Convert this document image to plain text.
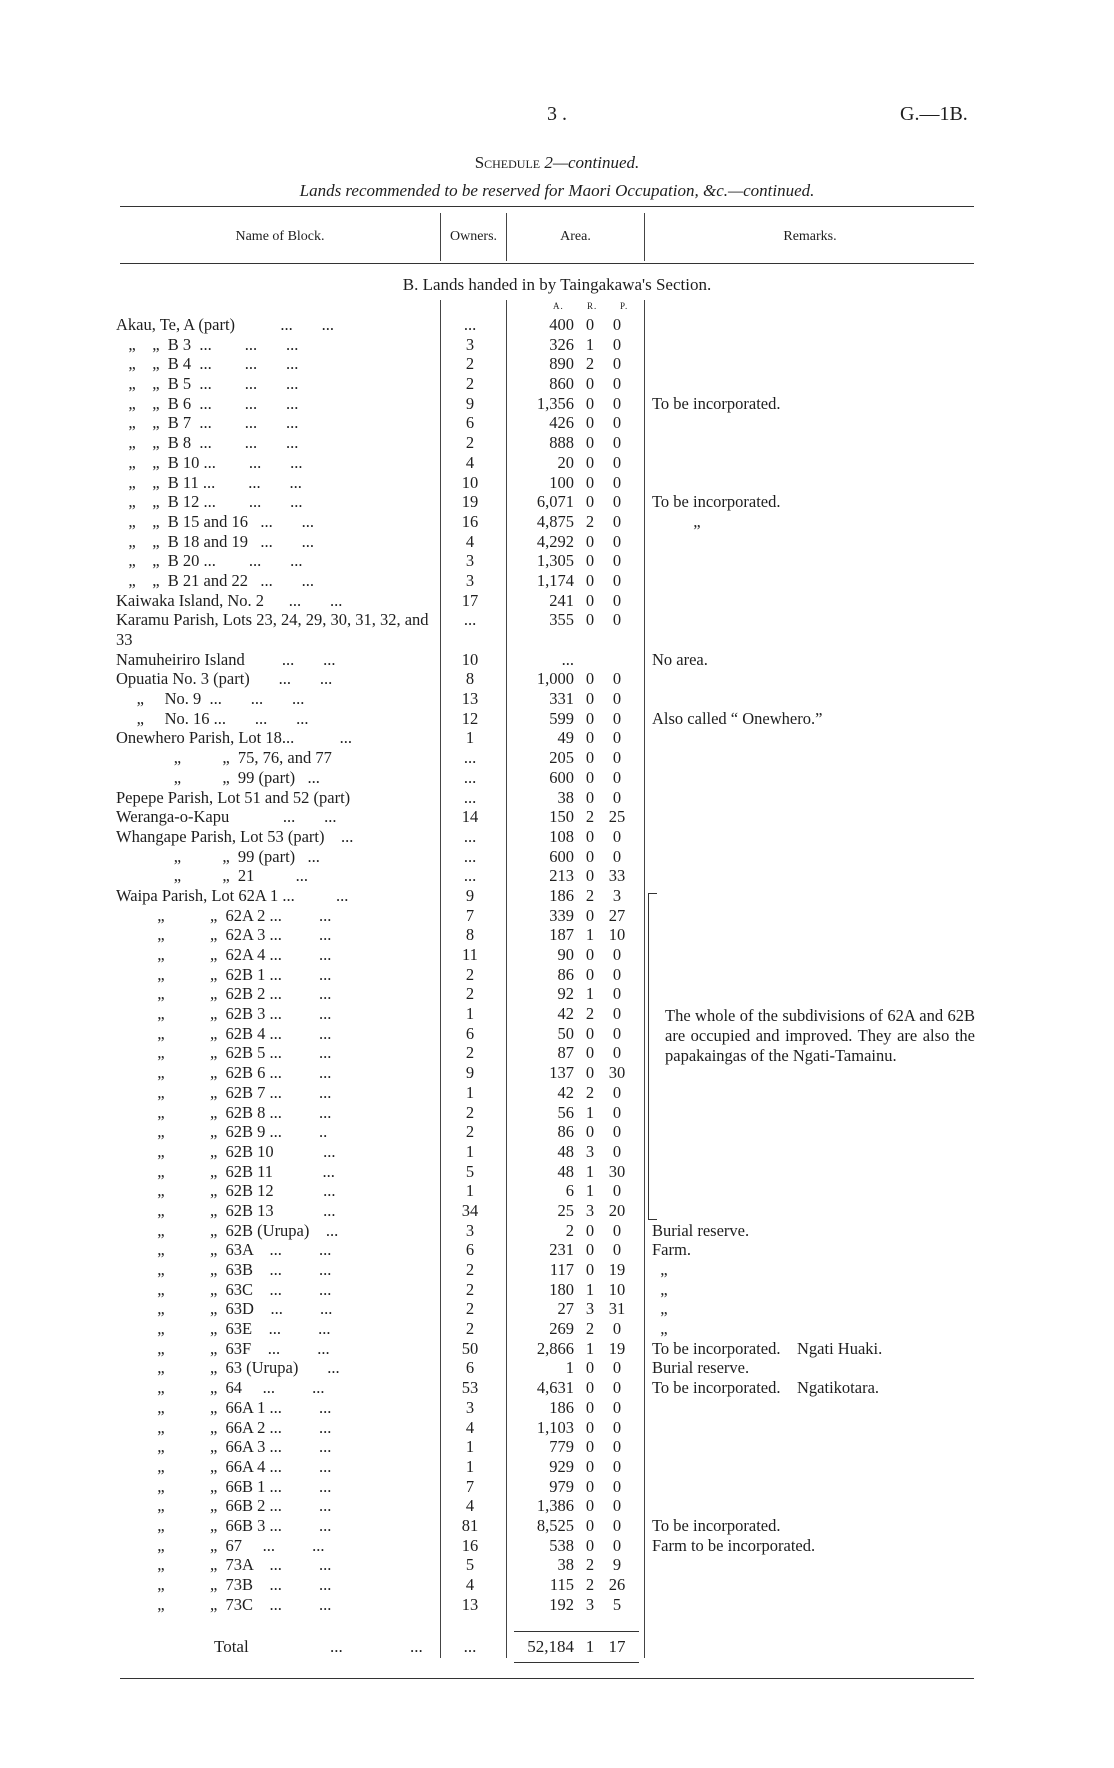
3 .	G.—1B.
Schedule 2—continued.
Lands recommended to be reserved for Maori Occupation, &c.—continued.
Name of Block.	Owners.	Area.	Remarks.
B. Lands handed in by Taingakawa's Section.
A.	R.	P.
Akau, Te, A (part)           ...       ...	...	400 0	0
„    „  B 3  ...        ...       ...	3	326 1	0
„    „  B 4  ...        ...       ...	2	890 2	0
„    „  B 5  ...        ...       ...	2	860 0	0
„    „  B 6  ...        ...       ...	9	1,356 0	0	To be incorporated.
„    „  B 7  ...        ...       ...	6	426 0	0
„    „  B 8  ...        ...       ...	2	888 0	0
„    „  B 10 ...        ...       ...	4	20 0	0
„    „  B 11 ...        ...       ...	10	100 0	0
„    „  B 12 ...        ...       ...	19	6,071 0	0	To be incorporated.
„    „  B 15 and 16   ...       ...	16	4,875 2	0	„
„    „  B 18 and 19   ...       ...	4	4,292 0	0
„    „  B 20 ...        ...       ...	3	1,305 0	0
„    „  B 21 and 22   ...       ...	3	1,174 0	0
Kaiwaka Island, No. 2      ...       ...	17	241 0	0
Karamu Parish, Lots 23, 24, 29, 30, 31, 32, and 33
...	355 0	0
Namuheiriro Island         ...       ...	10	...	No area.
Opuatia No. 3 (part)       ...       ...	8	1,000 0	0
„     No. 9  ...       ...       ...	13	331 0	0
„     No. 16 ...       ...       ...	12	599 0	0	Also called “ Onewhero.”
Onewhero Parish, Lot 18...           ...	1	49 0	0
„          „  75, 76, and 77	...	205 0	0
„          „  99 (part)   ...	...	600 0	0
Pepepe Parish, Lot 51 and 52 (part)	...	38 0	0
Weranga-o-Kapu             ...       ...	14	150 2 25
Whangape Parish, Lot 53 (part)    ...	...	108 0	0
„          „  99 (part)   ...	...	600 0	0
„          „  21          ...	...	213 0 33
Waipa Parish, Lot 62A 1 ...          ...	9	186 2	3
„           „  62A 2 ...         ...	7	339 0 27
„           „  62A 3 ...         ...	8	187 1 10
„           „  62A 4 ...         ...	11	90 0	0
„           „  62B 1 ...         ...	2	86 0	0
„           „  62B 2 ...         ...	2	92 1	0
„           „  62B 3 ...         ...	1	42 2	0
„           „  62B 4 ...         ...	6	50 0	0
„           „  62B 5 ...         ...	2	87 0	0
„           „  62B 6 ...         ...	9	137 0 30
„           „  62B 7 ...         ...	1	42 2	0
„           „  62B 8 ...         ...	2	56 1	0
„           „  62B 9 ...         ..	2	86 0	0
„           „  62B 10            ...	1	48 3	0
„           „  62B 11            ...	5	48 1 30
„           „  62B 12            ...	1	6 1	0
„           „  62B 13            ...	34	25 3 20
„           „  62B (Urupa)    ...	3	2 0	0	Burial reserve.
„           „  63A    ...         ...	6	231 0	0	Farm.
„           „  63B    ...         ...	2	117 0 19	„
„           „  63C    ...         ...	2	180 1 10	„
„           „  63D    ...         ...	2	27 3 31	„
„           „  63E    ...         ...	2	269 2	0	„
„           „  63F    ...         ...	50	2,866 1 19	To be incorporated.    Ngati Huaki.
„           „  63 (Urupa)       ...	6	1 0	0	Burial reserve.
„           „  64     ...         ...	53	4,631 0	0	To be incorporated.    Ngatikotara.
„           „  66A 1 ...         ...	3	186 0	0
„           „  66A 2 ...         ...	4	1,103 0	0
„           „  66A 3 ...         ...	1	779 0	0
„           „  66A 4 ...         ...	1	929 0	0
„           „  66B 1 ...         ...	7	979 0	0
„           „  66B 2 ...         ...	4	1,386 0	0
„           „  66B 3 ...         ...	81	8,525 0	0	To be incorporated.
„           „  67     ...         ...	16	538 0	0	Farm to be incorporated.
„           „  73A    ...         ...	5	38 2	9
„           „  73B    ...         ...	4	115 2 26
„           „  73C    ...         ...	13	192 3	5
The whole of the subdivisions of 62A and 62B are occupied and improved. They are also the papakaingas of the Ngati-Tamainu.
Total	...	...	...	52,184 1 17
